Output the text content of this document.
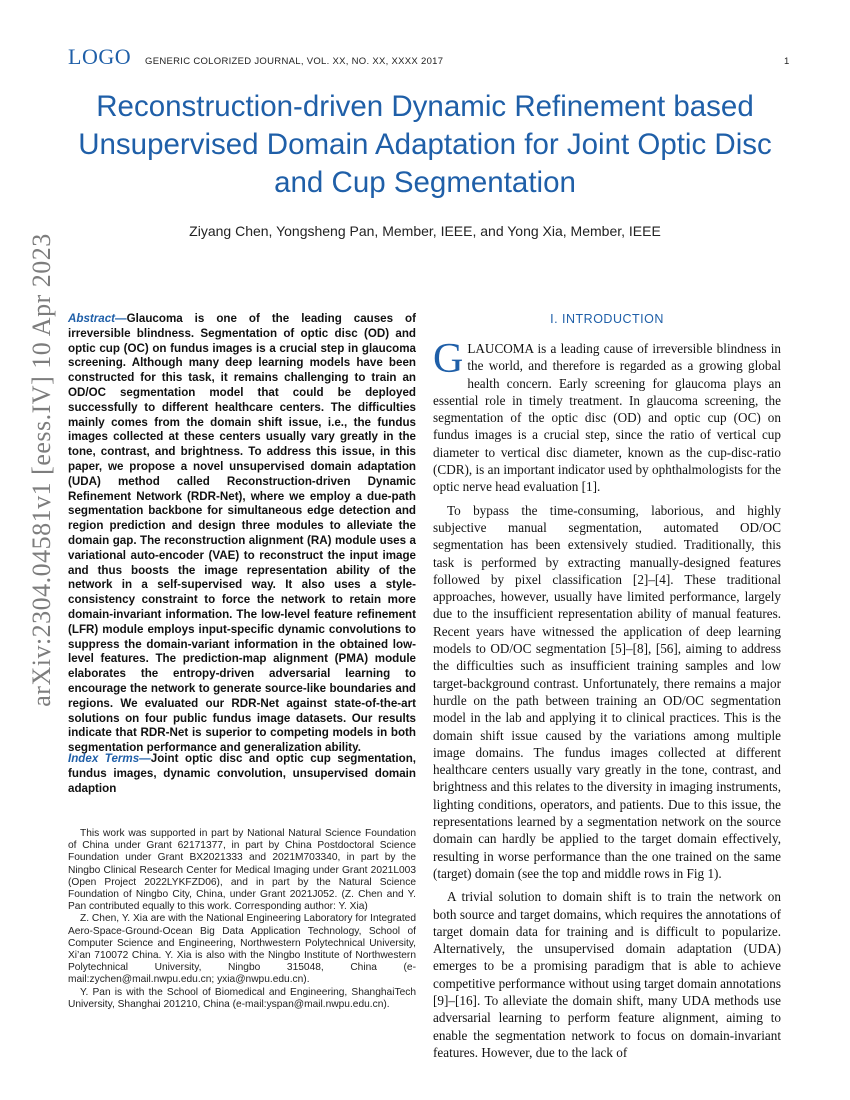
LOGO GENERIC COLORIZED JOURNAL, VOL. XX, NO. XX, XXXX 2017	1
Reconstruction-driven Dynamic Refinement based Unsupervised Domain Adaptation for Joint Optic Disc and Cup Segmentation
Ziyang Chen, Yongsheng Pan, Member, IEEE, and Yong Xia, Member, IEEE
arXiv:2304.04581v1 [eess.IV] 10 Apr 2023 Abstract—Glaucoma is one of the leading causes of irreversible blindness. Segmentation of optic disc (OD) and optic cup (OC) on fundus images is a crucial step in glaucoma screening. Although many deep learning models have been constructed for this task, it remains challenging to train an OD/OC segmentation model that could be deployed successfully to different healthcare centers. The difficulties mainly comes from the domain shift issue, i.e., the fundus images collected at these centers usually vary greatly in the tone, contrast, and brightness. To address this issue, in this paper, we propose a novel unsupervised domain adaptation (UDA) method called Reconstruction-driven Dynamic Refinement Network (RDR-Net), where we employ a due-path segmentation backbone for simultaneous edge detection and region prediction and design three modules to alleviate the domain gap. The reconstruction alignment (RA) module uses a variational auto-encoder (VAE) to reconstruct the input image and thus boosts the image representation ability of the network in a self-supervised way. It also uses a style-consistency constraint to force the network to retain more domain-invariant information. The low-level feature refinement (LFR) module employs input-specific dynamic convolutions to suppress the domain-variant information in the obtained low-level features. The prediction-map alignment (PMA) module elaborates the entropy-driven adversarial learning to encourage the network to generate source-like boundaries and regions. We evaluated our RDR-Net against state-of-the-art solutions on four public fundus image datasets. Our results indicate that RDR-Net is superior to competing models in both segmentation performance and generalization ability.
Index Terms—Joint optic disc and optic cup segmentation, fundus images, dynamic convolution, unsupervised domain adaption

This work was supported in part by National Natural Science Foundation of China under Grant 62171377, in part by China Postdoctoral Science Foundation under Grant BX2021333 and 2021M703340, in part by the Ningbo Clinical Research Center for Medical Imaging under Grant 2021L003 (Open Project 2022LYKFZD06), and in part by the Natural Science Foundation of Ningbo City, China, under Grant 2021J052. (Z. Chen and Y. Pan contributed equally to this work. Corresponding author: Y. Xia)

Z. Chen, Y. Xia are with the National Engineering Laboratory for Integrated Aero-Space-Ground-Ocean Big Data Application Technology, School of Computer Science and Engineering, Northwestern Polytechnical University, Xi’an 710072 China. Y. Xia is also with the Ningbo Institute of Northwestern Polytechnical University, Ningbo 315048, China (e-mail:zychen@mail.nwpu.edu.cn; yxia@nwpu.edu.cn).

Y. Pan is with the School of Biomedical and Engineering, ShanghaiTech University, Shanghai 201210, China (e-mail:yspan@mail.nwpu.edu.cn).

I. INTRODUCTION

GLAUCOMA is a leading cause of irreversible blindness in the world, and therefore is regarded as a growing global health concern. Early screening for glaucoma plays an essential role in timely treatment. In glaucoma screening, the segmentation of the optic disc (OD) and optic cup (OC) on fundus images is a crucial step, since the ratio of vertical cup diameter to vertical disc diameter, known as the cup-disc-ratio (CDR), is an important indicator used by ophthalmologists for the optic nerve head evaluation [1].

To bypass the time-consuming, laborious, and highly subjective manual segmentation, automated OD/OC segmentation has been extensively studied. Traditionally, this task is performed by extracting manually-designed features followed by pixel classification [2]–[4]. These traditional approaches, however, usually have limited performance, largely due to the insufficient representation ability of manual features. Recent years have witnessed the application of deep learning models to OD/OC segmentation [5]–[8], [56], aiming to address the difficulties such as insufficient training samples and low target-background contrast. Unfortunately, there remains a major hurdle on the path between training an OD/OC segmentation model in the lab and applying it to clinical practices. This is the domain shift issue caused by the variations among multiple image domains. The fundus images collected at different healthcare centers usually vary greatly in the tone, contrast, and brightness and this relates to the diversity in imaging instruments, lighting conditions, operators, and patients. Due to this issue, the representations learned by a segmentation network on the source domain can hardly be applied to the target domain effectively, resulting in worse performance than the one trained on the same (target) domain (see the top and middle rows in Fig 1).

A trivial solution to domain shift is to train the network on both source and target domains, which requires the annotations of target domain data for training and is difficult to popularize. Alternatively, the unsupervised domain adaptation (UDA) emerges to be a promising paradigm that is able to achieve competitive performance without using target domain annotations [9]–[16]. To alleviate the domain shift, many UDA methods use adversarial learning to perform feature alignment, aiming to enable the segmentation network to focus on domain-invariant features. However, due to the lack of
